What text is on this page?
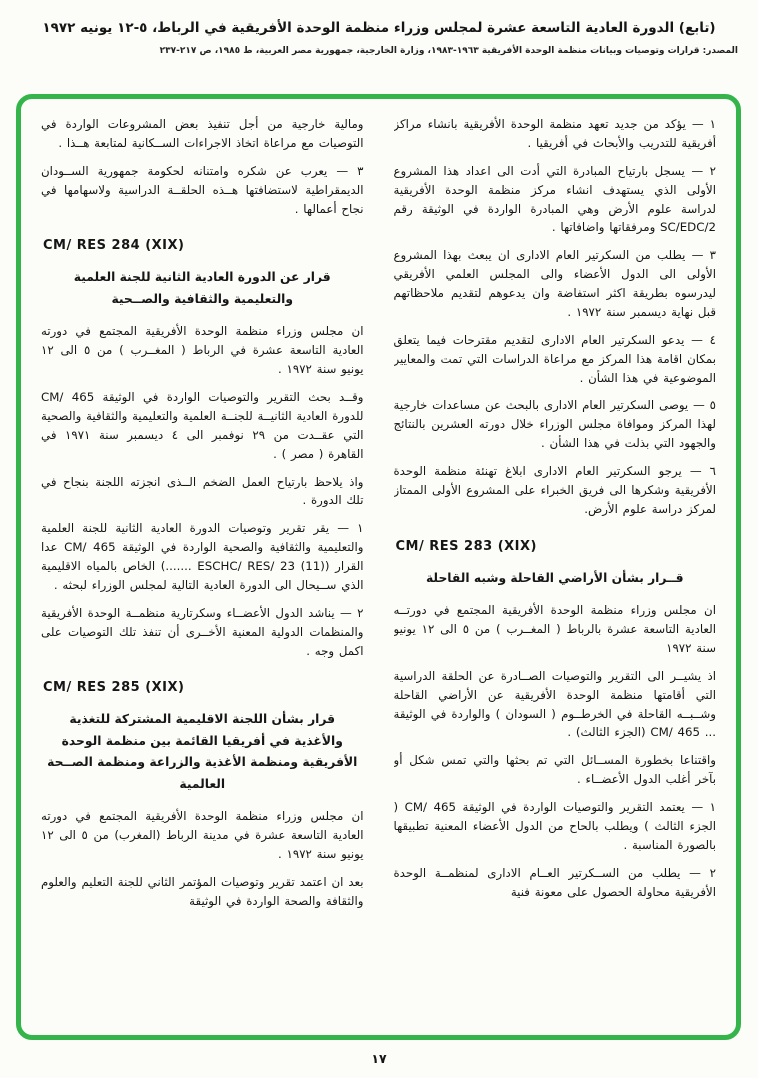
(تابع) الدورة العادية التاسعة عشرة لمجلس وزراء منظمة الوحدة الأفريقية في الرباط، ٥-١٢ يونيه ١٩٧٢
المصدر: قرارات وتوصيات وبيانات منظمة الوحدة الأفريقية ١٩٦٣-١٩٨٣، وزارة الخارجية، جمهورية مصر العربية، ط ١٩٨٥، ص ٢١٧-٢٣٧
١ — يؤكد من جديد تعهد منظمة الوحدة الأفريقية بانشاء مراكز أفريقية للتدريب والأبحاث في أفريقيا .
٢ — يسجل بارتياح المبادرة التي أدت الى اعداد هذا المشروع الأولى الذي يستهدف انشاء مركز منظمة الوحدة الأفريقية لدراسة علوم الأرض وهي المبادرة الواردة في الوثيقة رقم SC/EDC/2 ومرفقاتها واضافاتها .
٣ — يطلب من السكرتير العام الادارى ان يبعث بهذا المشروع الأولى الى الدول الأعضاء والى المجلس العلمي الأفريقي ليدرسوه بطريقة اكثر استفاضة وان يدعوهم لتقديم ملاحظاتهم قبل نهاية ديسمبر سنة ١٩٧٢ .
٤ — يدعو السكرتير العام الادارى لتقديم مقترحات فيما يتعلق بمكان اقامة هذا المركز مع مراعاة الدراسات التي تمت والمعايير الموضوعية في هذا الشأن .
٥ — يوصى السكرتير العام الادارى بالبحث عن مساعدات خارجية لهذا المركز وموافاة مجلس الوزراء خلال دورته العشرين بالنتائج والجهود التي بذلت في هذا الشأن .
٦ — يرجو السكرتير العام الادارى ابلاغ تهنئة منظمة الوحدة الأفريقية وشكرها الى فريق الخبراء على المشروع الأولى الممتاز لمركز دراسة علوم الأرض.
CM/ RES 283 (XIX)
قــرار بشأن الأراضي القاحلة وشبه القاحلة
ان مجلس وزراء منظمة الوحدة الأفريقية المجتمع في دورتــه العادية التاسعة عشرة بالرباط ( المغــرب ) من ٥ الى ١٢ يونيو سنة ١٩٧٢
اذ يشيــر الى التقرير والتوصيات الصــادرة عن الحلقة الدراسية التي أقامتها منظمة الوحدة الأفريقية عن الأراضي القاحلة وشــبــه القاحلة في الخرطــوم ( السودان ) والواردة في الوثيقة ... CM/ 465 (الجزء الثالث) .
واقتناعا بخطورة المســائل التي تم بحثها والتي تمس شكل أو بآخر أغلب الدول الأعضــاء .
١ — يعتمد التقرير والتوصيات الواردة في الوثيقة CM/ 465 ( الجزء الثالث ) ويطلب بالحاح من الدول الأعضاء المعنية تطبيقها بالصورة المناسبة .
٢ — يطلب من الســكرتير العــام الادارى لمنظمــة الوحدة الأفريقية محاولة الحصول على معونة فنية
ومالية خارجية من أجل تنفيذ بعض المشروعات الواردة في التوصيات مع مراعاة اتخاذ الاجراءات الســكانية لمتابعة هــذا .
٣ — يعرب عن شكره وامتنانه لحكومة جمهورية الســودان الديمقراطية لاستضافتها هــذه الحلقــة الدراسية ولاسهامها في نجاح أعمالها .
CM/ RES 284 (XIX)
قرار عن الدورة العادية الثانية للجنة العلمية والتعليمية والثقافية والصــحية
ان مجلس وزراء منظمة الوحدة الأفريقية المجتمع في دورته العادية التاسعة عشرة في الرباط ( المغــرب ) من ٥ الى ١٢ يونيو سنة ١٩٧٢ .
وقــد بحث التقرير والتوصيات الواردة في الوثيقة CM/ 465 للدورة العادية الثانيــة للجنــة العلمية والتعليمية والثقافية والصحية التي عقــدت من ٢٩ نوفمبر الى ٤ ديسمبر سنة ١٩٧١ في القاهرة ( مصر ) .
واذ يلاحظ بارتياح العمل الضخم الــذى انجزته اللجنة بنجاح في تلك الدورة .
١ — يقر تقرير وتوصيات الدورة العادية الثانية للجنة العلمية والتعليمية والثقافية والصحية الواردة في الوثيقة CM/ 465 عدا القرار (ESCHC/ RES/ 23 (11) .......) الخاص بالمياه الاقليمية الذي ســيحال الى الدورة العادية التالية لمجلس الوزراء لبحثه .
٢ — يناشد الدول الأعضــاء وسكرتارية منظمــة الوحدة الأفريقية والمنظمات الدولية المعنية الأخــرى أن تنفذ تلك التوصيات على اكمل وجه .
CM/ RES 285 (XIX)
قرار بشأن اللجنة الاقليمية المشتركة للتغذية والأغذية في أفريقيا القائمة بين منظمة الوحدة الأفريقية ومنظمة الأغذية والزراعة ومنظمة الصــحة العالمية
ان مجلس وزراء منظمة الوحدة الأفريقية المجتمع في دورته العادية التاسعة عشرة في مدينة الرباط (المغرب) من ٥ الى ١٢ يونيو سنة ١٩٧٢ .
بعد ان اعتمد تقرير وتوصيات المؤتمر الثاني للجنة التعليم والعلوم والثقافة والصحة الواردة في الوثيقة
١٧
